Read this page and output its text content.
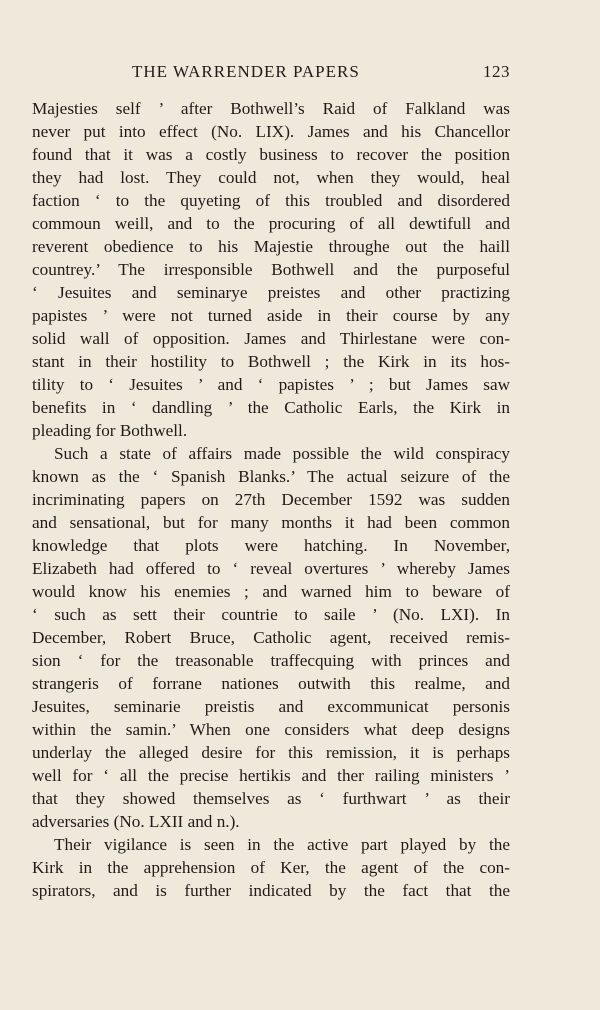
THE WARRENDER PAPERS	123
Majesties self ’ after Bothwell’s Raid of Falkland was
never put into effect (No. LIX). James and his Chancellor
found that it was a costly business to recover the position
they had lost. They could not, when they would, heal
faction ‘ to the quyeting of this troubled and disordered
commoun weill, and to the procuring of all dewtifull and
reverent obedience to his Majestie throughe out the haill
countrey.’ The irresponsible Bothwell and the purposeful
‘ Jesuites and seminarye preistes and other practizing
papistes ’ were not turned aside in their course by any
solid wall of opposition. James and Thirlestane were con-
stant in their hostility to Bothwell ; the Kirk in its hos-
tility to ‘ Jesuites ’ and ‘ papistes ’ ; but James saw
benefits in ‘ dandling ’ the Catholic Earls, the Kirk in
pleading for Bothwell.
Such a state of affairs made possible the wild conspiracy
known as the ‘ Spanish Blanks.’ The actual seizure of the
incriminating papers on 27th December 1592 was sudden
and sensational, but for many months it had been common
knowledge that plots were hatching. In November,
Elizabeth had offered to ‘ reveal overtures ’ whereby James
would know his enemies ; and warned him to beware of
‘ such as sett their countrie to saile ’ (No. LXI). In
December, Robert Bruce, Catholic agent, received remis-
sion ‘ for the treasonable traffecquing with princes and
strangeris of forrane nationes outwith this realme, and
Jesuites, seminarie preistis and excommunicat personis
within the samin.’ When one considers what deep designs
underlay the alleged desire for this remission, it is perhaps
well for ‘ all the precise hertikis and ther railing ministers ’
that they showed themselves as ‘ furthwart ’ as their
adversaries (No. LXII and n.).
Their vigilance is seen in the active part played by the
Kirk in the apprehension of Ker, the agent of the con-
spirators, and is further indicated by the fact that the
